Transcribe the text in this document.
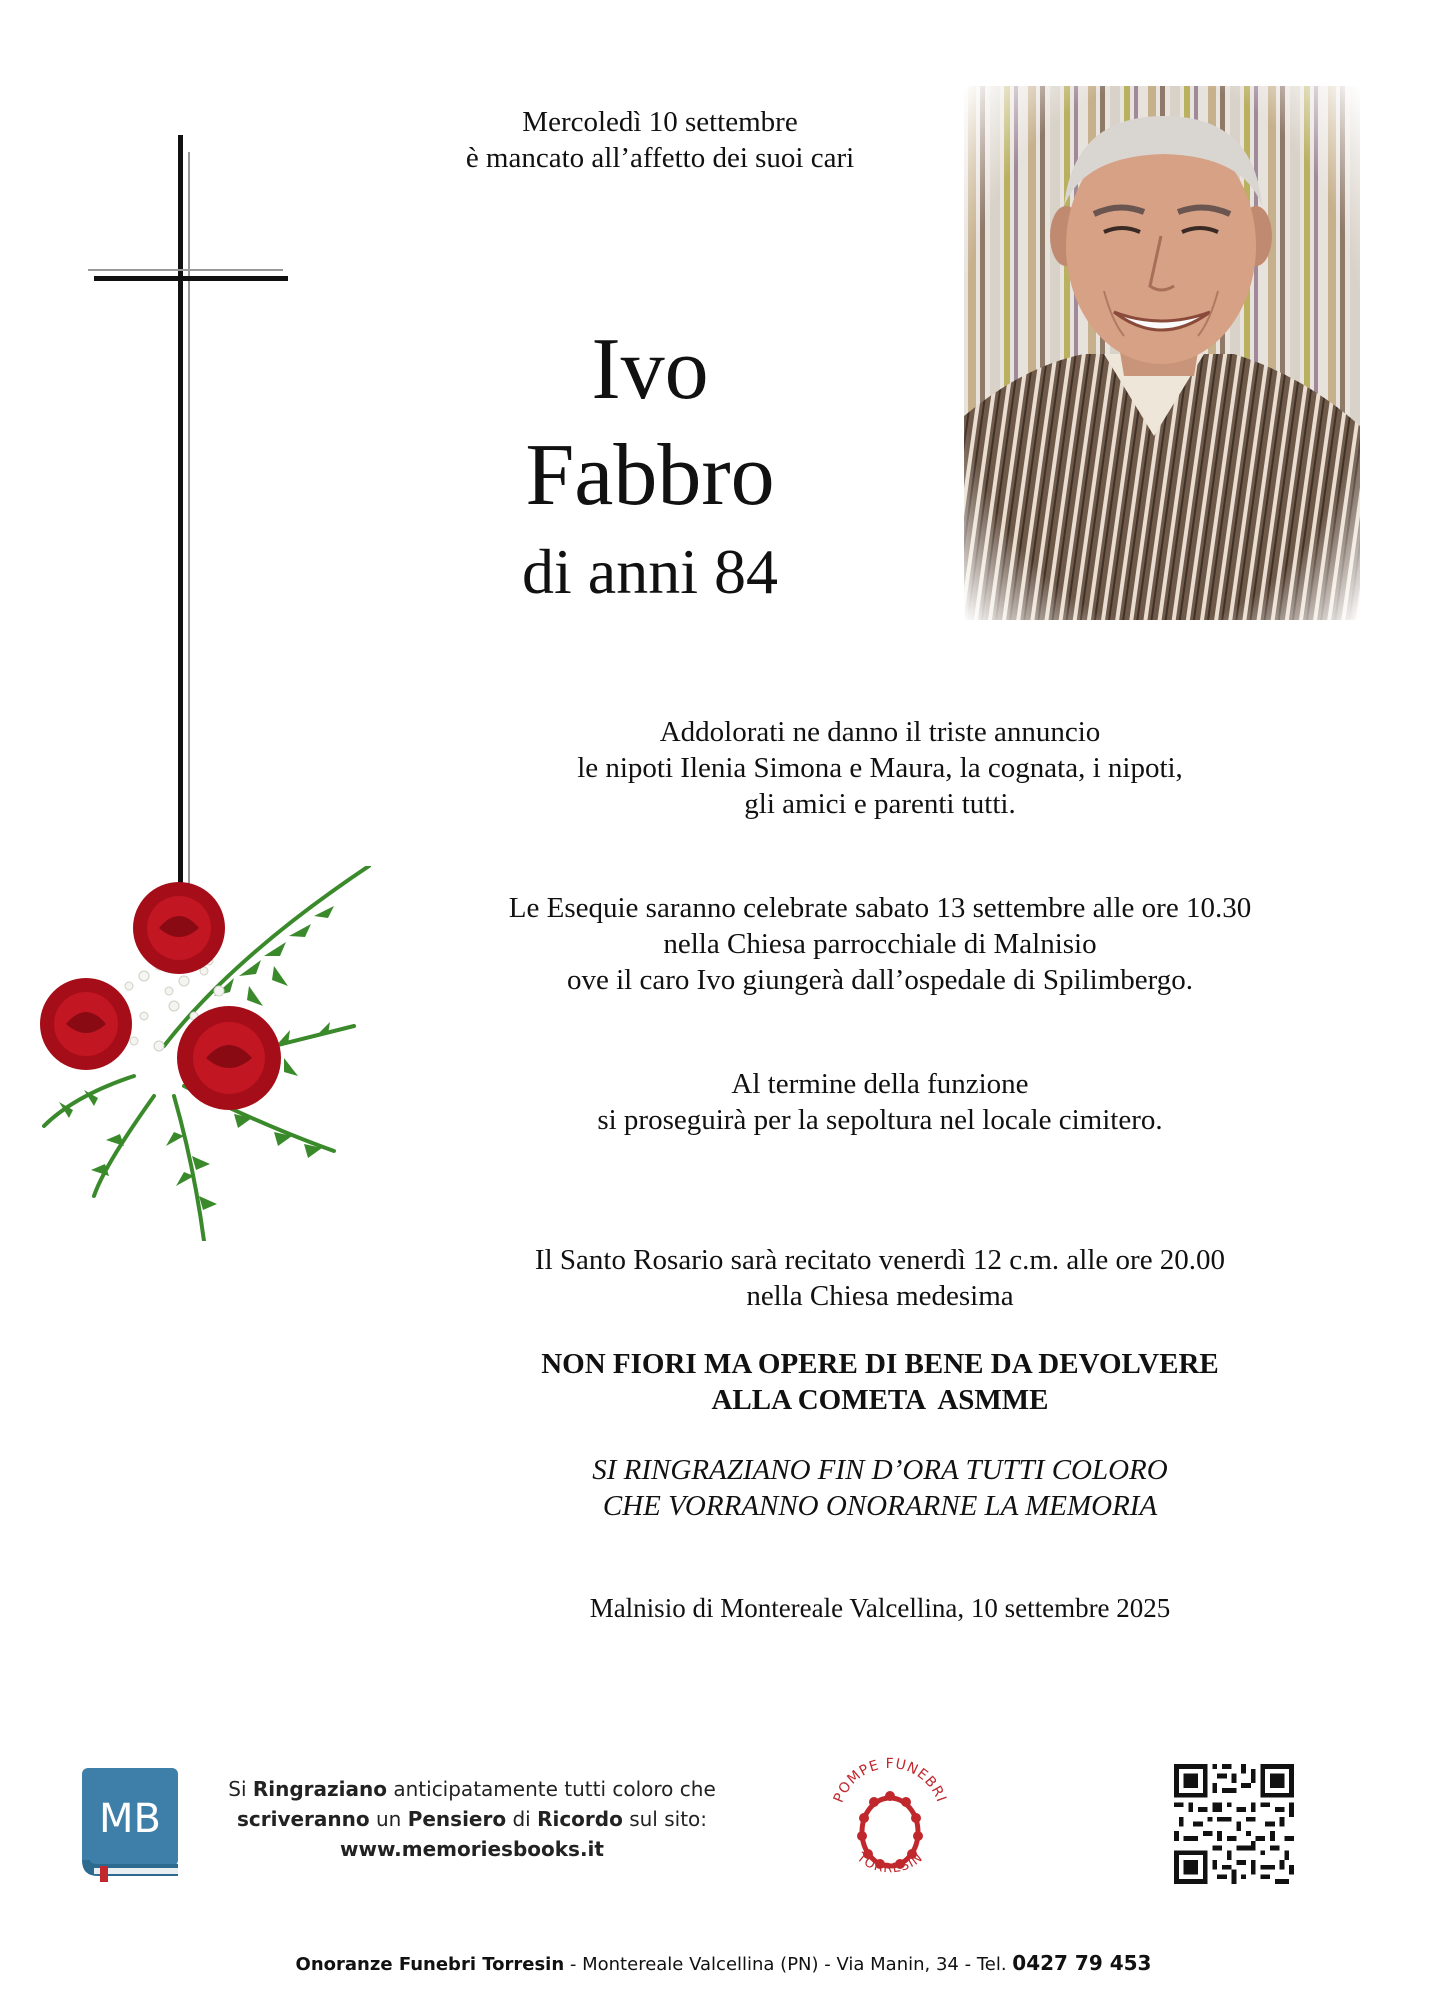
Mercoledì 10 settembre
è mancato all’affetto dei suoi cari
Ivo
Fabbro
di anni 84
Addolorati ne danno il triste annuncio
le nipoti Ilenia Simona e Maura, la cognata, i nipoti,
gli amici e parenti tutti.
Le Esequie saranno celebrate sabato 13 settembre alle ore 10.30
nella Chiesa parrocchiale di Malnisio
ove il caro Ivo giungerà dall’ospedale di Spilimbergo.
Al termine della funzione
si proseguirà per la sepoltura nel locale cimitero.
Il Santo Rosario sarà recitato venerdì 12 c.m. alle ore 20.00
nella Chiesa medesima
NON FIORI MA OPERE DI BENE DA DEVOLVERE
ALLA COMETA  ASMME
SI RINGRAZIANO FIN D’ORA TUTTI COLORO
CHE VORRANNO ONORARNE LA MEMORIA
Malnisio di Montereale Valcellina, 10 settembre 2025
MB
Si Ringraziano anticipatamente tutti coloro che
scriveranno un Pensiero di Ricordo sul sito:
www.memoriesbooks.it
POMPE FUNEBRI
TORRESIN
Onoranze Funebri Torresin - Montereale Valcellina (PN) - Via Manin, 34 - Tel. 0427 79 453
